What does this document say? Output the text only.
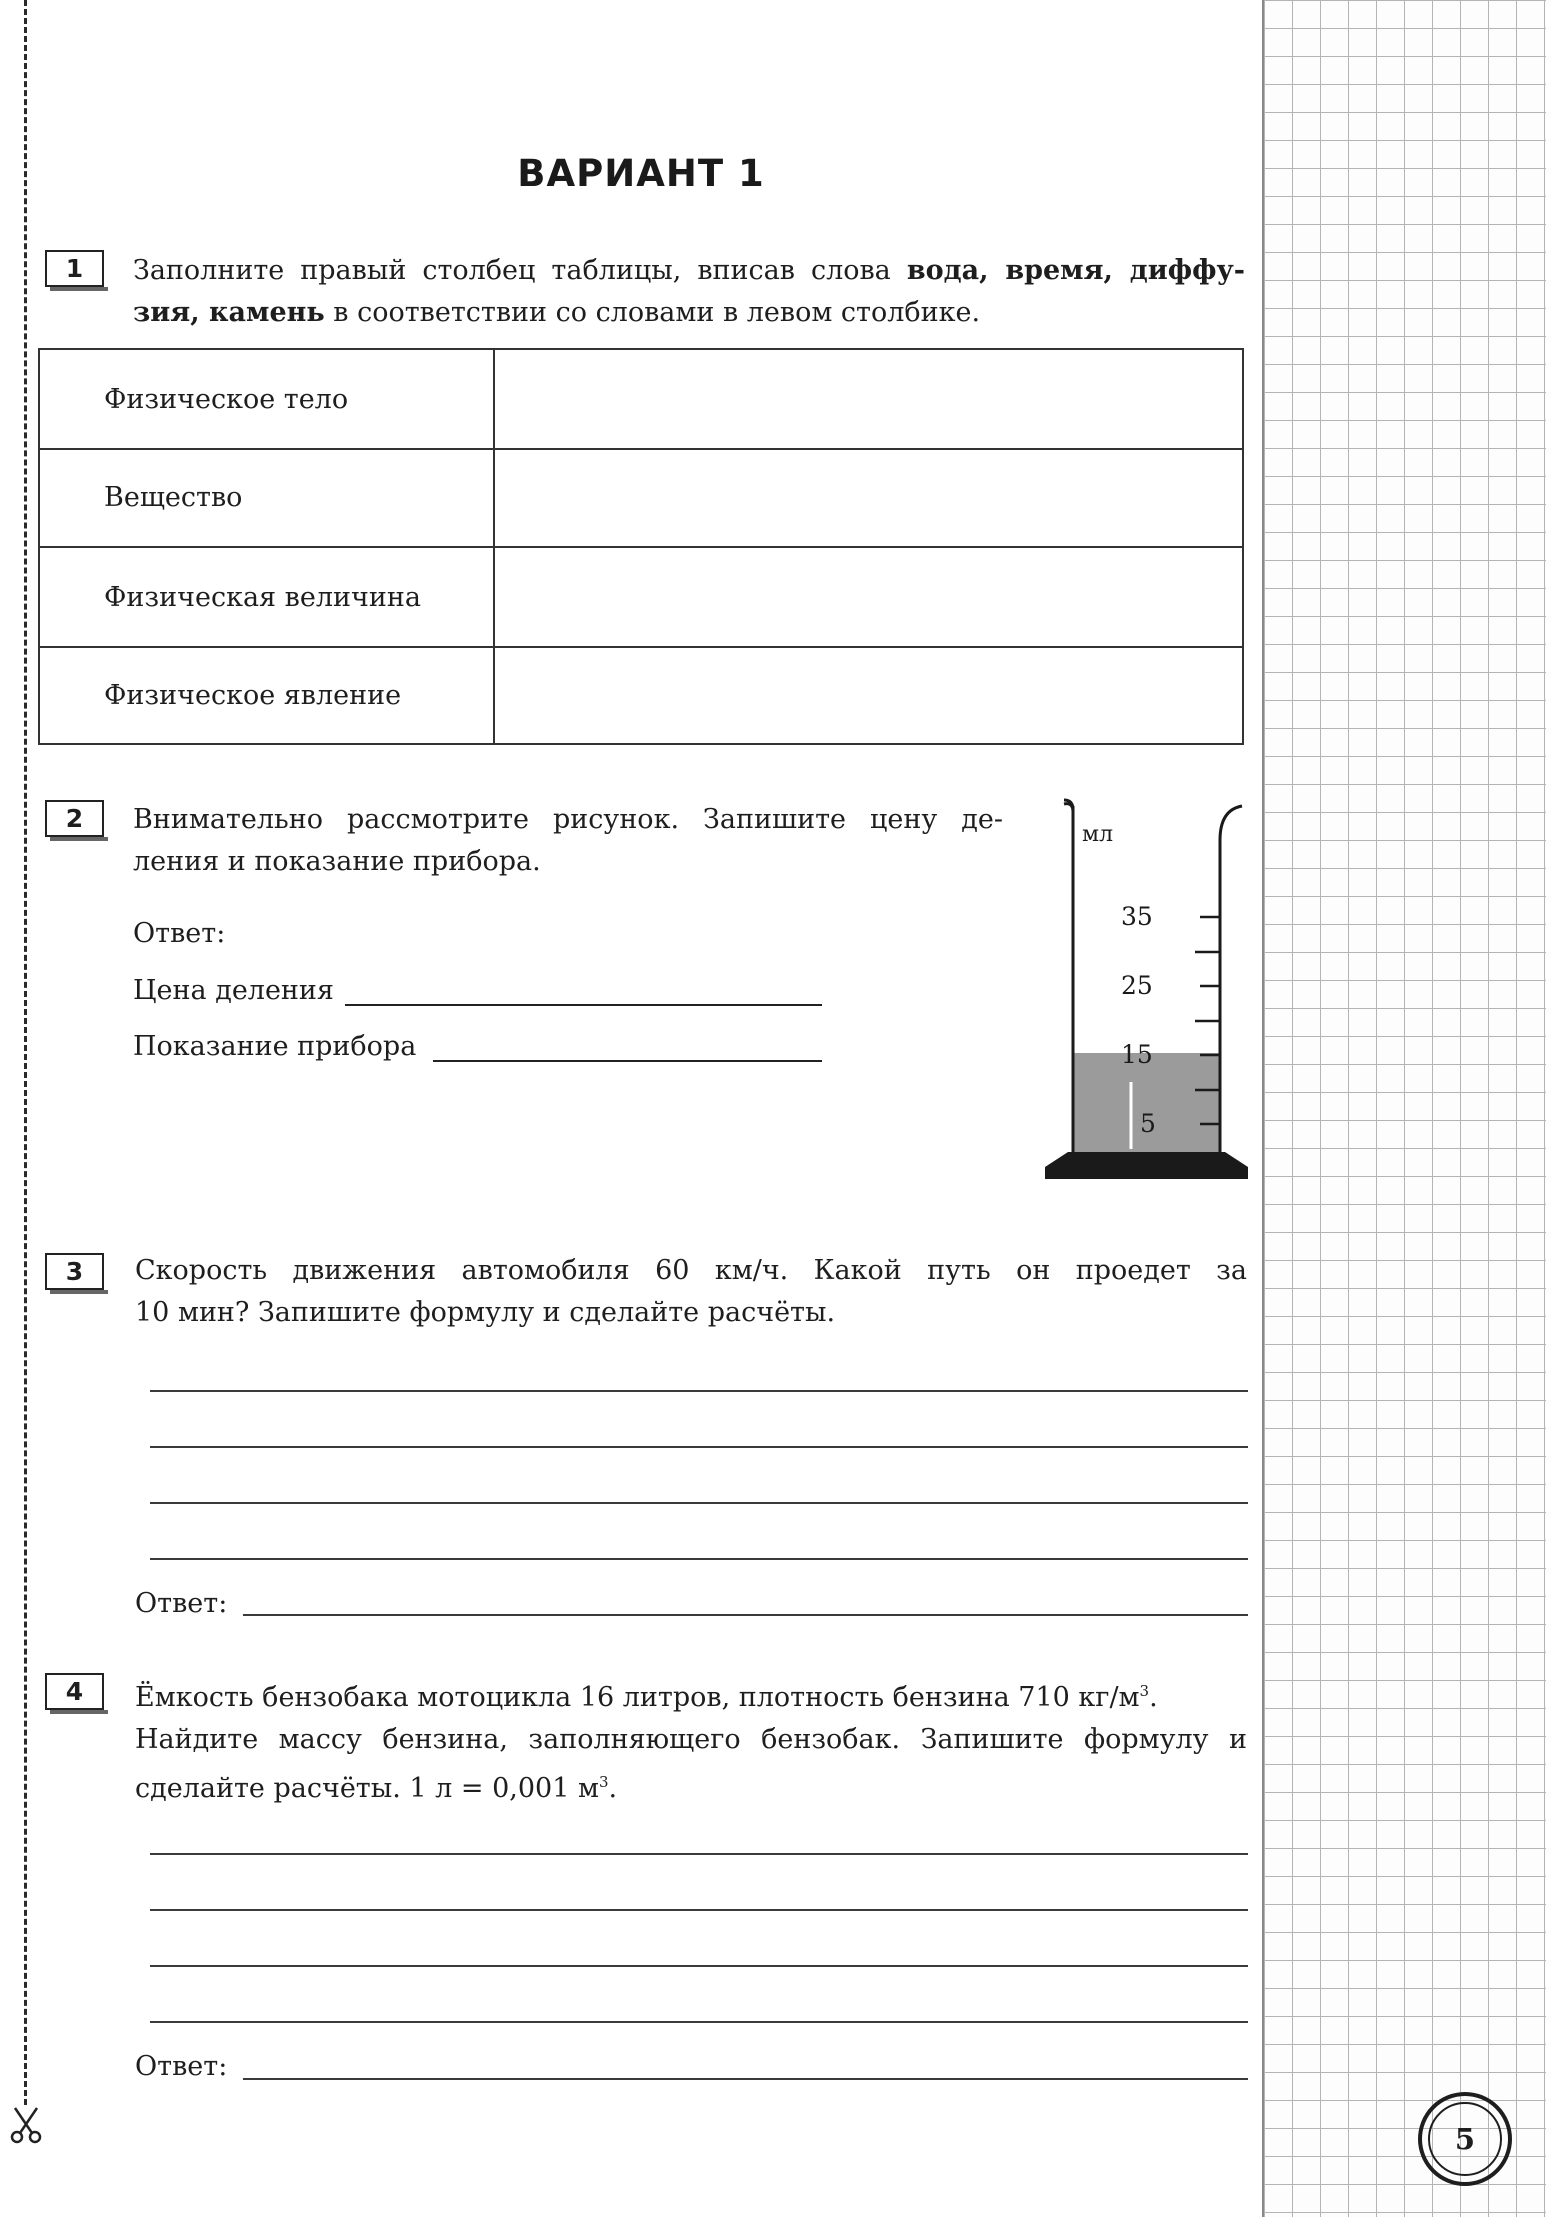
ВАРИАНТ 1
1	Заполните правый столбец таблицы, вписав слова вода, время, диффу-
зия, камень в соответствии со словами в левом столбике.
Физическое тело
Вещество
Физическая величина
Физическое явление
2	Внимательно рассмотрите рисунок. Запишите цену де-
ления и показание прибора.
Ответ:
Цена деления
Показание прибора
мл
35
25
15
5
3	Скорость движения автомобиля 60 км/ч. Какой путь он проедет за
10 мин? Запишите формулу и сделайте расчёты.
Ответ:
4	Ёмкость бензобака мотоцикла 16 литров, плотность бензина 710 $кг/м^3$.
Найдите массу бензина, заполняющего бензобак. Запишите формулу и
сделайте расчёты. 1 л = 0,001 $м^3$.
Ответ:
5
